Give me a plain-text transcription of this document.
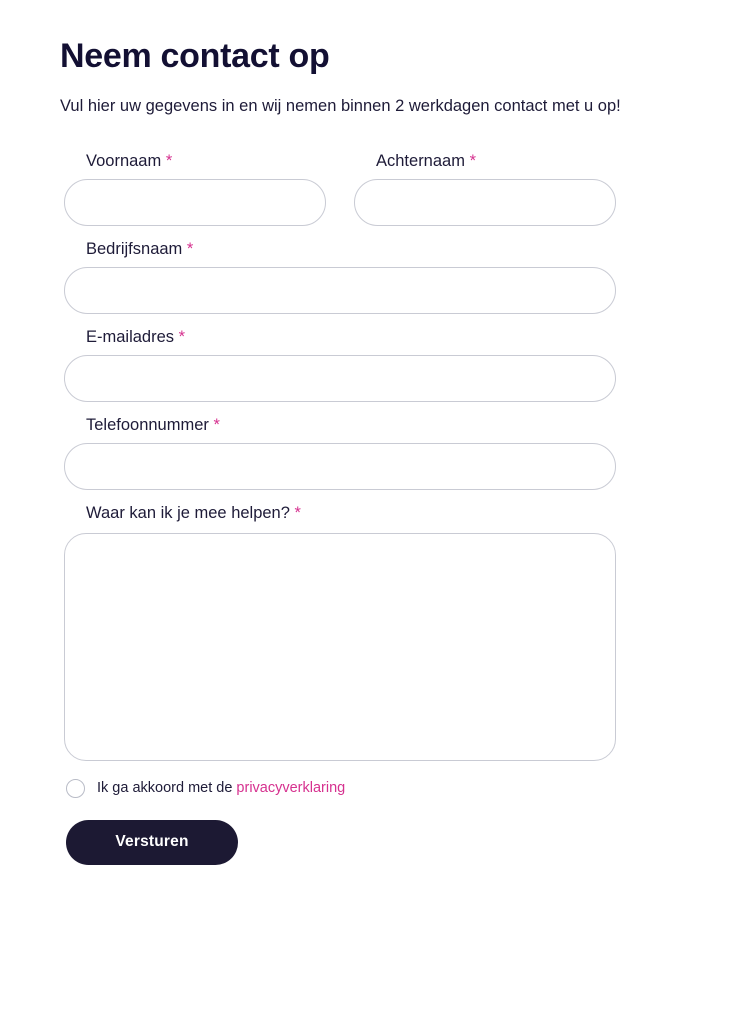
Neem contact op

Vul hier uw gegevens in en wij nemen binnen 2 werkdagen contact met u op!

Voornaam *	Achternaam *
Bedrijfsnaam *
E-mailadres *
Telefoonnummer *
Waar kan ik je mee helpen? *
Ik ga akkoord met de privacyverklaring
Versturen
